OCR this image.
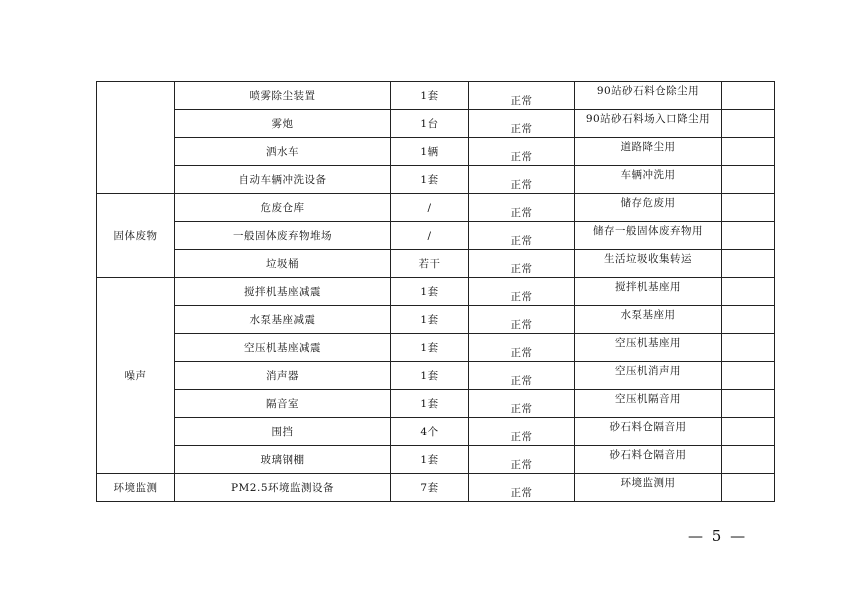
	喷雾除尘装置	1套	正常	90站砂石料仓除尘用	

	雾炮	1台	正常	90站砂石料场入口降尘用	

	洒水车	1辆	正常	道路降尘用	

	自动车辆冲洗设备	1套	正常	车辆冲洗用	

固体废物	危废仓库	/	正常	储存危废用	

	一般固体废弃物堆场	/	正常	储存一般固体废弃物用	

	垃圾桶	若干	正常	生活垃圾收集转运	

噪声	搅拌机基座减震	1套	正常	搅拌机基座用	

	水泵基座减震	1套	正常	水泵基座用	

	空压机基座减震	1套	正常	空压机基座用	

	消声器	1套	正常	空压机消声用	

	隔音室	1套	正常	空压机隔音用	

	围挡	4个	正常	砂石料仓隔音用	

	玻璃钢棚	1套	正常	砂石料仓隔音用	

环境监测	PM2.5环境监测设备	7套	正常	环境监测用	

— 5 —
